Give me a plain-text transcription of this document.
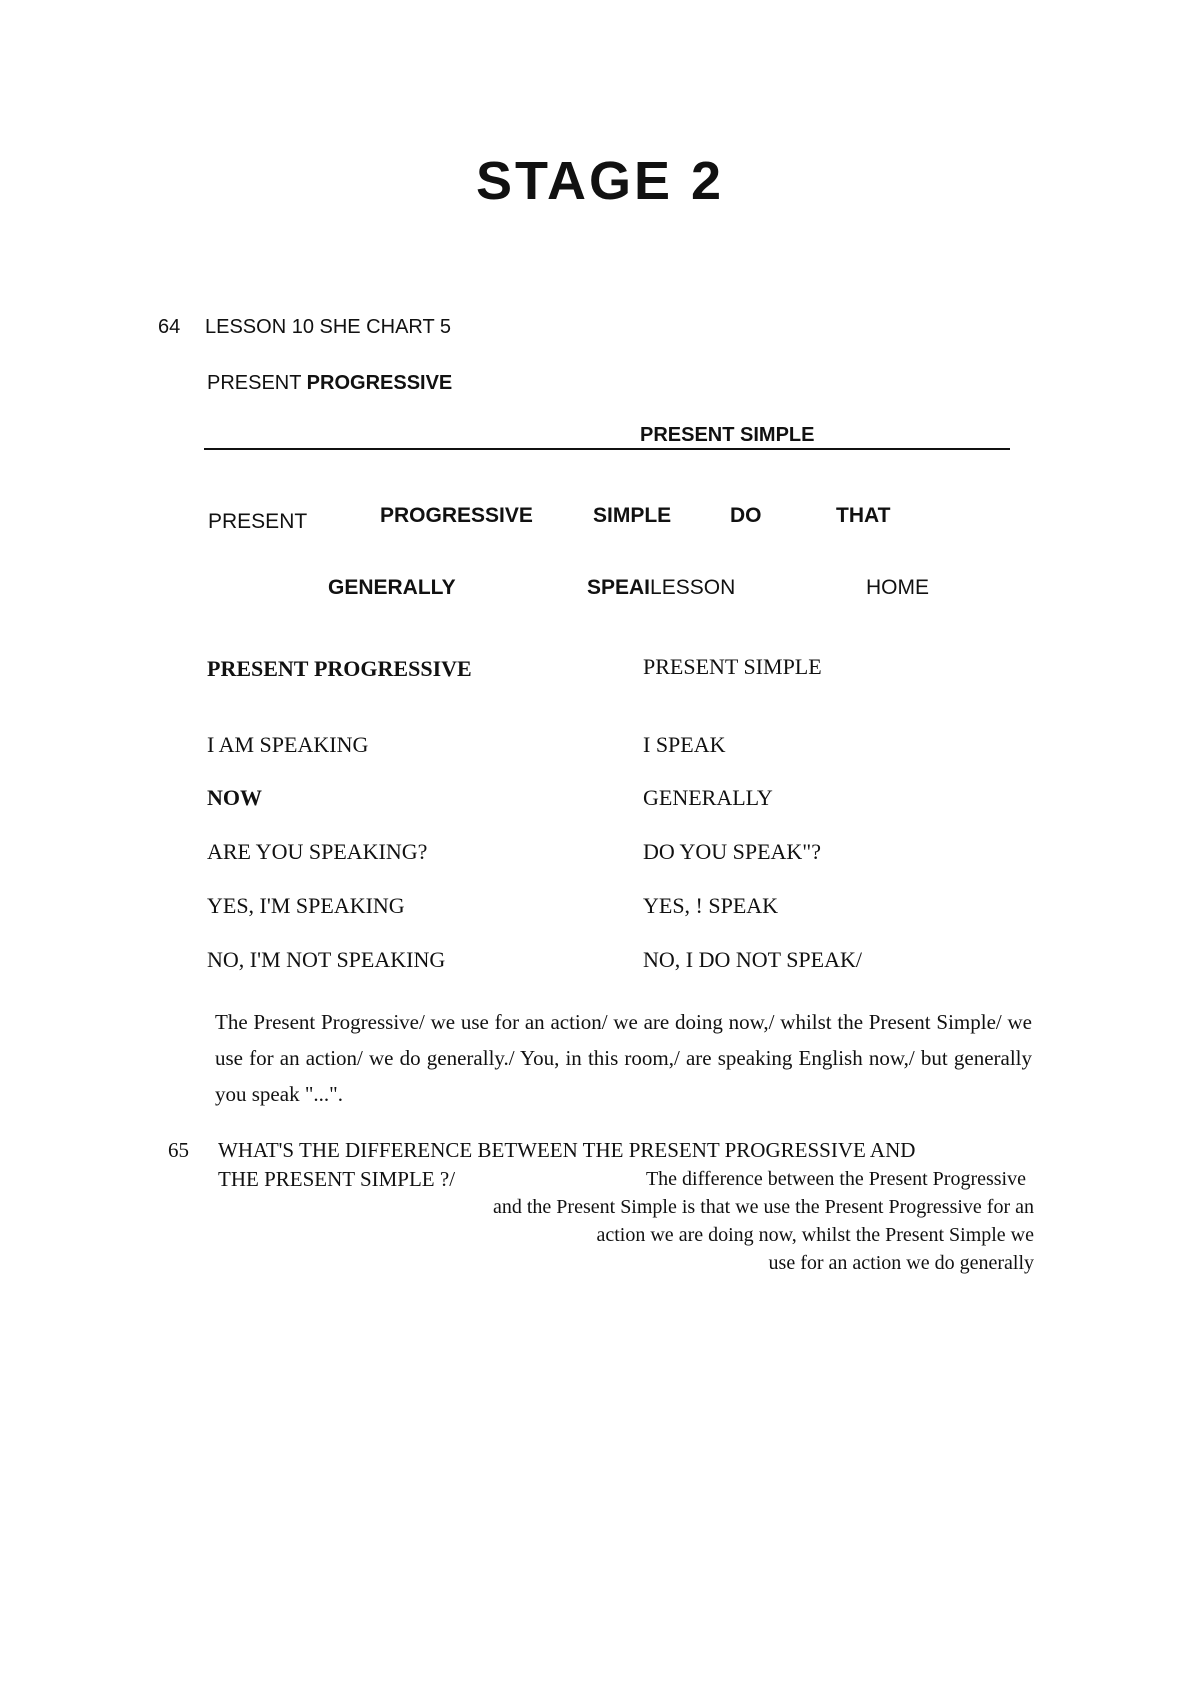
STAGE 2
64 LESSON 10 SHE CHART 5
PRESENT PROGRESSIVE
PRESENT SIMPLE
PRESENT	PROGRESSIVE	SIMPLE	DO	THAT
GENERALLY	SPEAILESSON	HOME
PRESENT PROGRESSIVE	PRESENT SIMPLE
I AM SPEAKING	I SPEAK
NOW	GENERALLY
ARE YOU SPEAKING?	DO YOU SPEAK"?
YES, I'M SPEAKING	YES, ! SPEAK
NO, I'M NOT SPEAKING	NO, I DO NOT SPEAK/
The Present Progressive/ we use for an action/ we are doing now,/ whilst the Present Simple/ we use for an action/ we do generally./ You, in this room,/ are speaking English now,/ but generally you speak "...".
65 WHAT'S THE DIFFERENCE BETWEEN THE PRESENT PROGRESSIVE AND
THE PRESENT SIMPLE ?/	The difference between the Present Progressive
and the Present Simple is that we use the Present Progressive for an
action we are doing now, whilst the Present Simple we
use for an action we do generally
